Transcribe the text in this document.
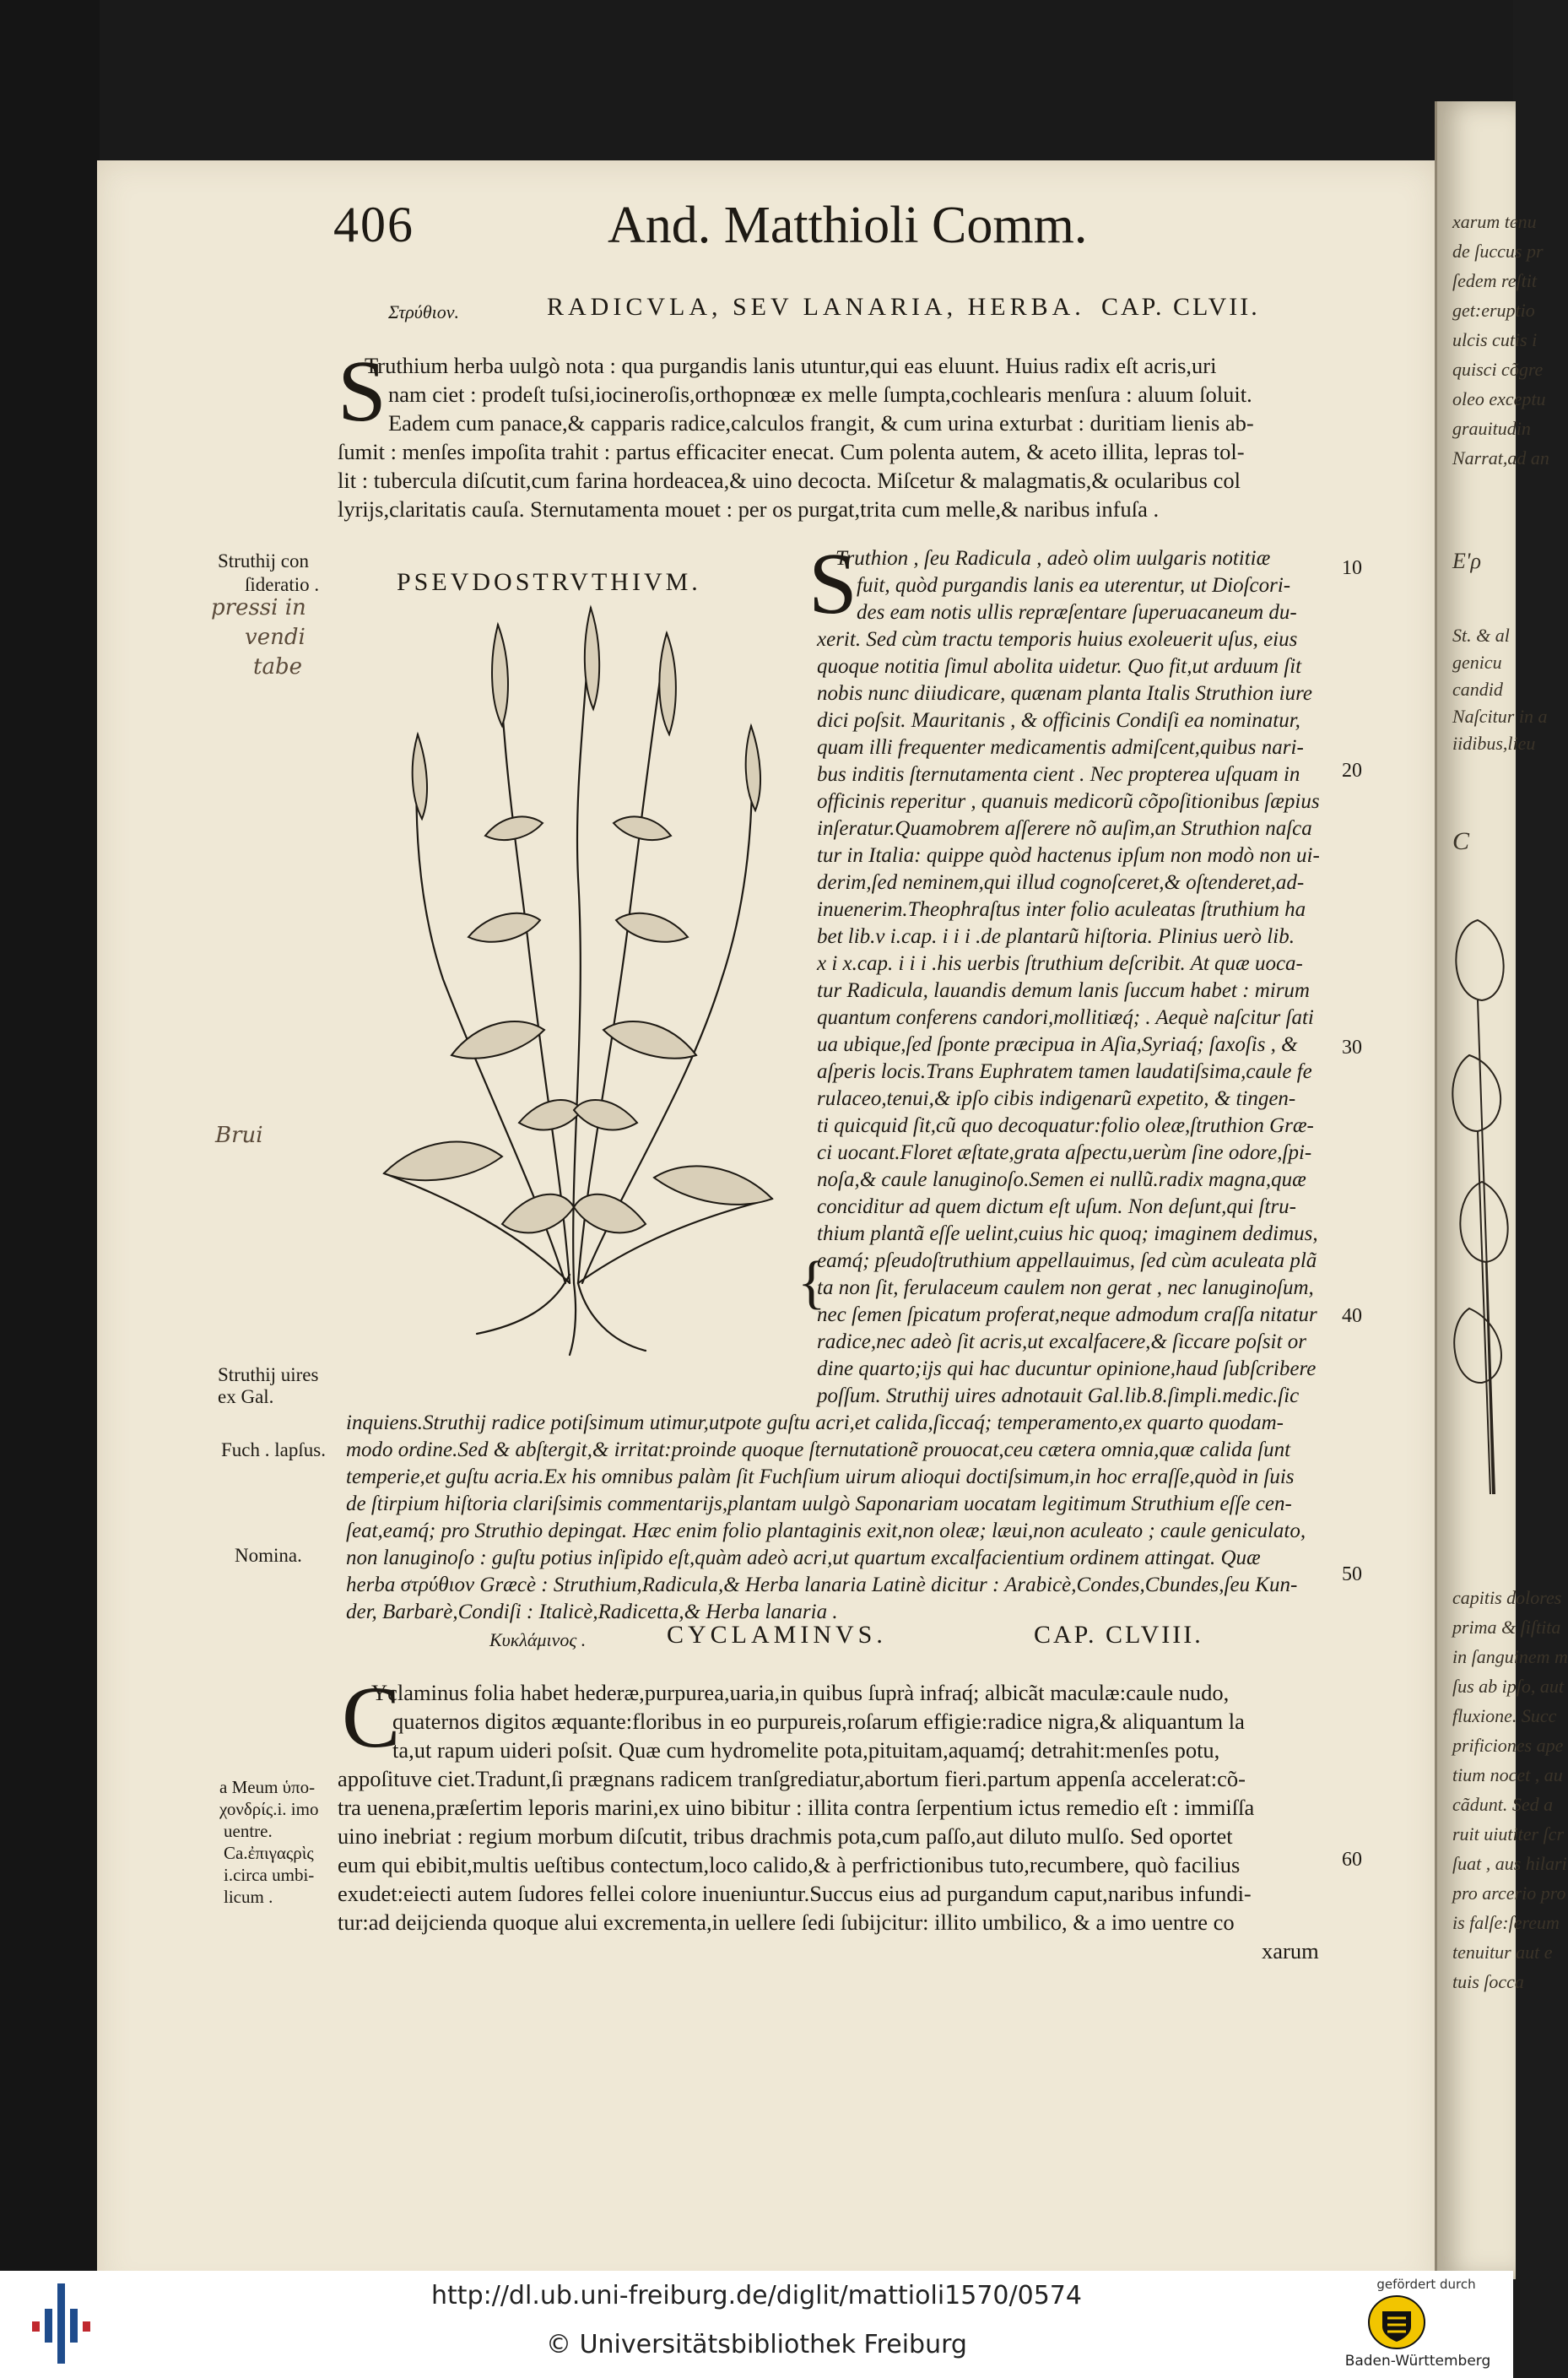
xarum tenu
de ſuccus pr
ſedem reſtit
get:eruptio
ulcis cutis i
quisci cõgre
oleo exceptu
grauitudin
Narrat,ad an
E'ρ
St. & al
genicu
candid
Naſcitur in a
iidibus,lieu
C
capitis dolores
prima & ſiſtita
in ſanguinem m
ſus ab ipſo, aut
fluxione. Succ
prificiones ape
tium nocet , au
cãdunt. Sed a
ruit uiutiter ſcr
ſuat , aus hilari
pro arcerio pro
is falſe:ſereum
tenuitur aut e
tuis ſocca
406	And. Matthioli Comm.
Στρύθιον.	RADICVLA, SEV LANARIA, HERBA. CAP. CLVII.
S
Truthium herba uulgò nota : qua purgandis lanis utuntur,qui eas eluunt. Huius radix eſt acris,uri
nam ciet : prodeſt tuſsi,iocineroſis,orthopnœæ ex melle ſumpta,cochlearis menſura : aluum ſoluit.
Eadem cum panace,& capparis radice,calculos frangit, & cum urina exturbat : duritiam lienis ab-
ſumit : menſes impoſita trahit : partus efficaciter enecat. Cum polenta autem, & aceto illita, lepras tol-
lit : tubercula diſcutit,cum farina hordeacea,& uino decocta. Miſcetur & malagmatis,& ocularibus col
lyrijs,claritatis cauſa. Sternutamenta mouet : per os purgat,trita cum melle,& naribus infuſa .
PSEVDOSTRVTHIVM.
{
S
Truthion , ſeu Radicula , adeò olim uulgaris notitiæ
fuit, quòd purgandis lanis ea uterentur, ut Dioſcori-
des eam notis ullis repræſentare ſuperuacaneum du-
xerit. Sed cùm tractu temporis huius exoleuerit uſus, eius
quoque notitia ſimul abolita uidetur. Quo fit,ut arduum ſit
nobis nunc diiudicare, quænam planta Italis Struthion iure
dici poſsit. Mauritanis , & officinis Condiſi ea nominatur,
quam illi frequenter medicamentis admiſcent,quibus nari-
bus inditis ſternutamenta cient . Nec propterea uſquam in
officinis reperitur , quanuis medicorũ cõpoſitionibus ſæpius
inſeratur.Quamobrem aſſerere nõ auſim,an Struthion naſca
tur in Italia: quippe quòd hactenus ipſum non modò non ui-
derim,ſed neminem,qui illud cognoſceret,& oſtenderet,ad-
inuenerim.Theophraſtus inter folio aculeatas ſtruthium ha
bet lib.v i.cap. i i i .de plantarũ hiſtoria. Plinius uerò lib.
x i x.cap. i i i .his uerbis ſtruthium deſcribit. At quæ uoca-
tur Radicula, lauandis demum lanis ſuccum habet : mirum
quantum conferens candori,mollitiæq́; . Aequè naſcitur ſati
ua ubique,ſed ſponte præcipua in Aſia,Syriaq́; ſaxoſis , &
aſperis locis.Trans Euphratem tamen laudatiſsima,caule fe
rulaceo,tenui,& ipſo cibis indigenarũ expetito, & tingen-
ti quicquid ſit,cũ quo decoquatur:folio oleæ,ſtruthion Græ-
ci uocant.Floret æſtate,grata aſpectu,uerùm ſine odore,ſpi-
noſa,& caule lanuginoſo.Semen ei nullũ.radix magna,quæ
conciditur ad quem dictum eſt uſum. Non deſunt,qui ſtru-
thium plantã eſſe uelint,cuius hic quoq; imaginem dedimus,
eamq́; pſeudoſtruthium appellauimus, ſed cùm aculeata plã
ta non ſit, ferulaceum caulem non gerat , nec lanuginoſum,
nec ſemen ſpicatum proferat,neque admodum craſſa nitatur
radice,nec adeò ſit acris,ut excalfacere,& ſiccare poſsit or
dine quarto;ijs qui hac ducuntur opinione,haud ſubſcribere
poſſum. Struthij uires adnotauit Gal.lib.8.ſimpli.medic.ſic
inquiens.Struthij radice potiſsimum utimur,utpote guſtu acri,et calida,ſiccaq́; temperamento,ex quarto quodam-
modo ordine.Sed & abſtergit,& irritat:proinde quoque ſternutationẽ prouocat,ceu cætera omnia,quæ calida ſunt
temperie,et guſtu acria.Ex his omnibus palàm ſit Fuchſium uirum alioqui doctiſsimum,in hoc erraſſe,quòd in ſuis
de ſtirpium hiſtoria clariſsimis commentarijs,plantam uulgò Saponariam uocatam legitimum Struthium eſſe cen-
ſeat,eamq́; pro Struthio depingat. Hæc enim folio plantaginis exit,non oleæ; læui,non aculeato ; caule geniculato,
non lanuginoſo : guſtu potius inſipido eſt,quàm adeò acri,ut quartum excalfacientium ordinem attingat. Quæ
herba στρύθιον Græcè : Struthium,Radicula,& Herba lanaria Latinè dicitur : Arabicè,Condes,Cbundes,ſeu Kun-
der, Barbarè,Condiſi : Italicè,Radicetta,& Herba lanaria .
Κυκλάμινος .	CYCLAMINVS.	CAP. CLVIII.
C
Yclaminus folia habet hederæ,purpurea,uaria,in quibus ſuprà infraq́; albicãt maculæ:caule nudo,
quaternos digitos æquante:floribus in eo purpureis,roſarum effigie:radice nigra,& aliquantum la
ta,ut rapum uideri poſsit. Quæ cum hydromelite pota,pituitam,aquamq́; detrahit:menſes potu,
appoſituve ciet.Tradunt,ſi prægnans radicem tranſgrediatur,abortum fieri.partum appenſa accelerat:cõ-
tra uenena,præſertim leporis marini,ex uino bibitur : illita contra ſerpentium ictus remedio eſt : immiſſa
uino inebriat : regium morbum diſcutit, tribus drachmis pota,cum paſſo,aut diluto mulſo. Sed oportet
eum qui ebibit,multis ueſtibus contectum,loco calido,& à perfrictionibus tuto,recumbere, quò facilius
exudet:eiecti autem ſudores fellei colore inueniuntur.Succus eius ad purgandum caput,naribus infundi-
tur:ad deijcienda quoque alui excrementa,in uellere ſedi ſubijcitur: illito umbilico, & a imo uentre co
xarum
Struthij con
ſideratio .
Struthij uires
ex Gal.
Fuch . lapſus.
Nomina.
a Meum ὑπο-
χονδρίς.i. imo
uentre.
Ca.ἐπιγαςρὶς
i.circa umbi-
licum .
pressi in
vendi
tabe
Brui
10
20
30
40
50
60
http://dl.ub.uni-freiburg.de/diglit/mattioli1570/0574
© Universitätsbibliothek Freiburg
gefördert durch
Baden-Württemberg
